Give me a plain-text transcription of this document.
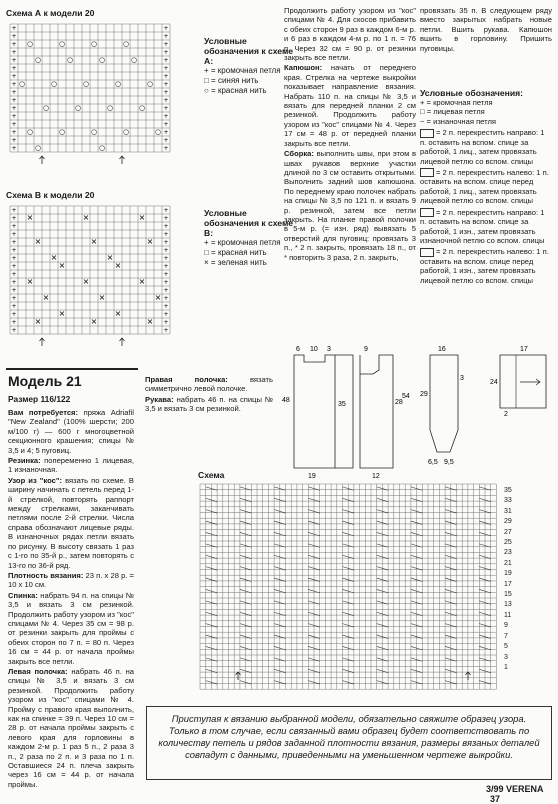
Схема А к модели 20
+	+
+	+
+	+
+	+
+	+
+	+
+	+
+	+
+	+
+	+
+	+
+	+
+	+
+	+
+	+
+	+
○	○	○	○
○	○	○	○
○	○	○	○	○
○	○	○	○
○	○	○	○	○
○	○
Условные обозначения к схеме А:
+ = кромочная петля
□ = синяя нить
○ = красная нить
Схема В к модели 20
+	+
+	+
+	+
+	+
+	+
+	+
+	+
+	+
+	+
+	+
+	+
+	+
+	+
+	+
+	+
+	+
×	×	×
×	×	×
×
×
×
×
×	×	×
×	×	×
×	×
×	×	×
Условные обозначения к схеме В:
+ = кромочная петля
□ = красная нить
× = зеленая нить
Модель 21
Размер 116/122

Вам потребуется: пряжа Adriafil "New Zealand" (100% шерсти; 200 м/100 г) — 600 г многоцветной секционного крашения; спицы № 3,5 и 4; 5 пуговиц.

Резинка: попеременно 1 лицевая, 1 изнаночная.

Узор из "кос": вязать по схеме. В ширину начинать с петель перед 1-й стрелкой, повторять раппорт между стрелками, заканчивать петлями после 2-й стрелки. Числа справа обозначают лицевые ряды. В изнаночных рядах петли вязать по рисунку. В высоту связать 1 раз с 1-го по 35-й р., затем повторять с 13-го по 36-й ряд.

Плотность вязания: 23 п. x 28 р. = 10 x 10 см.

Спинка: набрать 94 п. на спицы № 3,5 и вязать 3 см резинкой. Продолжить работу узором из "кос" спицами № 4. Через 35 см = 98 р. от резинки закрыть для проймы с обеих сторон по 7 п. = 80 п. Через 16 см = 44 р. от начала проймы закрыть все петли.

Левая полочка: набрать 46 п. на спицы № 3,5 и вязать 3 см резинкой. Продолжить работу узором из "кос" спицами № 4. Пройму с правого края выполнить, как на спинке = 39 п. Через 10 см = 28 р. от начала проймы закрыть с левого края для горловины в каждом 2-м р. 1 раз 5 п., 2 раза 3 п., 2 раза по 2 п. и 3 раза по 1 п. Оставшиеся 24 п. плеча закрыть через 16 см = 44 р. от начала проймы.

Правая полочка:	вязать симметрично левой полочке.

Рукава: набрать 46 п. на спицы № 3,5 и вязать 3 см резинкой.

Продолжить работу узором из "кос" спицами № 4. Для скосов прибавить с обеих сторон 9 раз в каждом 6-м р. и 6 раз в каждом 4-м р. по 1 п. = 76 п. Через 32 см = 90 р. от резинки закрыть все петли.

Капюшон: начать от переднего края. Стрелка на чертеже выкройки показывает направление вязания. Набрать 110 п. на спицы № 3,5 и вязать для передней планки 2 см резинкой. Продолжить работу узором из "кос" спицами № 4. Через 17 см = 48 р. от передней планки закрыть все петли.

Сборка: выполнить швы, при этом в швах рукавов верхние участки длиной по 3 см оставить открытыми. Выполнить задний шов капюшона. По переднему краю полочек набрать на спицы № 3,5 по 121 п. и вязать 9 р. резинкой, затем все петли закрыть. На планке правой полочки в 5-м р. (= изн. ряд) вывязать 5 отверстий для пуговиц: провязать 3 п., * 2 п. закрыть, провязать 18 п., от * повторить 3 раза, 2 п. закрыть,

провязать 35 п. В следующем ряду вместо закрытых набрать новые петли. Вшить рукава. Капюшон вшить в горловину. Пришить пуговицы.

Условные обозначения:
+ = кромочная петля
□ = лицевая петля
− = изнаночная петля
= 2 п. перекрестить направо: 1 п. оставить на вспом. спице за работой, 1 лиц., затем провязать лицевой петлю со вспом. спицы
= 2 п. перекрестить налево: 1 п. оставить на вспом. спице перед работой, 1 лиц., затем провязать лицевой петлю со вспом. спицы
= 2 п. перекрестить направо: 1 п. оставить на вспом. спице за работой, 1 изн., затем провязать изнаночной петлю со вспом. спицы
= 2 п. перекрестить налево: 1 п. оставить на вспом. спице перед работой, 1 изн., затем провязать лицевой петлю со вспом. спицы
6 10 3
48
35
19
9
12
28
54
16
3
29
6,5 9,5
24
17
2
Схема
35
33
31
29
27
25
23
21
19
17
15
13
11
9
7
5
3
1
Приступая к вязанию выбранной модели, обязательно свяжите образец узора. Только в том случае, если связанный вами образец будет соответствовать по количеству петель и рядов заданной плотности вязания, размеры вязаных деталей совпадут с данными, приведенными на уменьшенном чертеже выкройки.
3/99 VERENA 37
